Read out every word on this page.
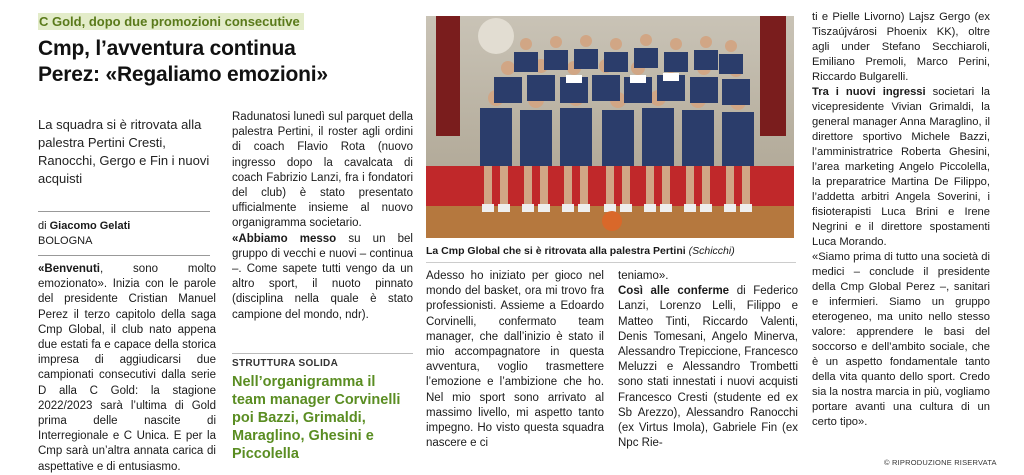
C Gold, dopo due promozioni consecutive
Cmp, l’avventura continua
Perez: «Regaliamo emozioni»
La squadra si è ritrovata alla palestra Pertini Cresti, Ranocchi, Gergo e Fin i nuovi acquisti
di Giacomo Gelati
BOLOGNA
«Benvenuti, sono molto emozionato». Inizia con le parole del presidente Cristian Manuel Perez il terzo capitolo della saga Cmp Global, il club nato appena due estati fa e capace della storica impresa di aggiudicarsi due campionati consecutivi dalla serie D alla C Gold: la stagione 2022/2023 sarà l’ultima di Gold prima delle nascite di Interregionale e C Unica. E per la Cmp sarà un’altra annata carica di aspettative e di entusiasmo.
Radunatosi lunedì sul parquet della palestra Pertini, il roster agli ordini di coach Flavio Rota (nuovo ingresso dopo la cavalcata di coach Fabrizio Lanzi, fra i fondatori del club) è stato presentato ufficialmente insieme al nuovo organigramma societario.
«Abbiamo messo su un bel gruppo di vecchi e nuovi – continua –. Come sapete tutti vengo da un altro sport, il nuoto pinnato (disciplina nella quale è stato campione del mondo, ndr).
STRUTTURA SOLIDA
Nell’organigramma il team manager Corvinelli poi Bazzi, Grimaldi, Maraglino, Ghesini e Piccolella
La Cmp Global che si è ritrovata alla palestra Pertini (Schicchi)
Adesso ho iniziato per gioco nel mondo del basket, ora mi trovo fra professionisti. Assieme a Edoardo Corvinelli, confermato team manager, che dall’inizio è stato il mio accompagnatore in questa avventura, voglio trasmettere l’emozione e l’ambizione che ho. Nel mio sport sono arrivato al massimo livello, mi aspetto tanto impegno. Ho visto questa squadra nascere e ci
teniamo».
Così alle conferme di Federico Lanzi, Lorenzo Lelli, Filippo e Matteo Tinti, Riccardo Valenti, Denis Tomesani, Angelo Minerva, Alessandro Trepiccione, Francesco Meluzzi e Alessandro Trombetti sono stati innestati i nuovi acquisti Francesco Cresti (studente ed ex Sb Arezzo), Alessandro Ranocchi (ex Virtus Imola), Gabriele Fin (ex Npc Rie-
ti e Pielle Livorno) Lajsz Gergo (ex Tiszaújvárosi Phoenix KK), oltre agli under Stefano Secchiaroli, Emiliano Premoli, Marco Perini, Riccardo Bulgarelli.
Tra i nuovi ingressi societari la vicepresidente Vivian Grimaldi, la general manager Anna Maraglino, il direttore sportivo Michele Bazzi, l’amministratrice Roberta Ghesini, l’area marketing Angelo Piccolella, la preparatrice Martina De Filippo, l’addetta arbitri Angela Soverini, i fisioterapisti Luca Brini e Irene Negrini e il direttore spostamenti Luca Morando.
«Siamo prima di tutto una società di medici – conclude il presidente della Cmp Global Perez –, sanitari e infermieri. Siamo un gruppo eterogeneo, ma unito nello stesso valore: apprendere le basi del soccorso e dell’ambito sociale, che è un aspetto fondamentale tanto della vita quanto dello sport. Credo sia la nostra marcia in più, vogliamo portare avanti una cultura di un certo tipo».
© RIPRODUZIONE RISERVATA
